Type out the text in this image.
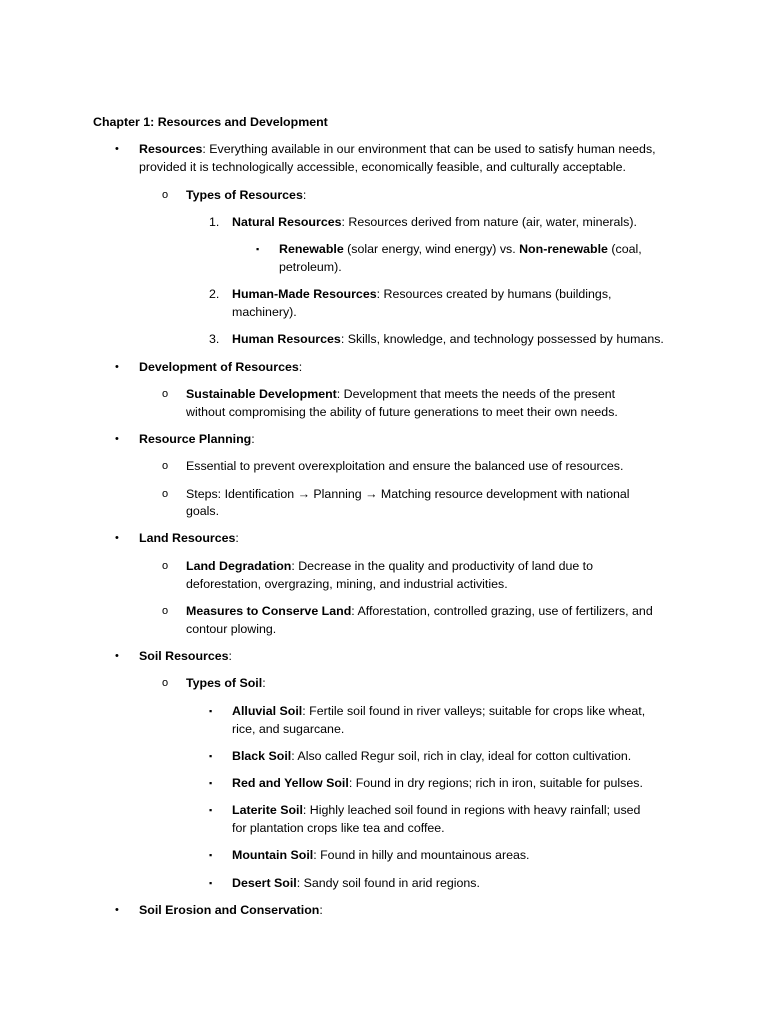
Chapter 1: Resources and Development
• Resources: Everything available in our environment that can be used to satisfy human needs,
provided it is technologically accessible, economically feasible, and culturally acceptable.
o Types of Resources:
1. Natural Resources: Resources derived from nature (air, water, minerals).
▪ Renewable (solar energy, wind energy) vs. Non-renewable (coal,
petroleum).
2. Human-Made Resources: Resources created by humans (buildings,
machinery).
3. Human Resources: Skills, knowledge, and technology possessed by humans.
• Development of Resources:
o Sustainable Development: Development that meets the needs of the present
without compromising the ability of future generations to meet their own needs.
• Resource Planning:
o Essential to prevent overexploitation and ensure the balanced use of resources.
o Steps: Identification → Planning → Matching resource development with national
goals.
• Land Resources:
o Land Degradation: Decrease in the quality and productivity of land due to
deforestation, overgrazing, mining, and industrial activities.
o Measures to Conserve Land: Afforestation, controlled grazing, use of fertilizers, and
contour plowing.
• Soil Resources:
o Types of Soil:
▪ Alluvial Soil: Fertile soil found in river valleys; suitable for crops like wheat,
rice, and sugarcane.
▪ Black Soil: Also called Regur soil, rich in clay, ideal for cotton cultivation.
▪ Red and Yellow Soil: Found in dry regions; rich in iron, suitable for pulses.
▪ Laterite Soil: Highly leached soil found in regions with heavy rainfall; used
for plantation crops like tea and coffee.
▪ Mountain Soil: Found in hilly and mountainous areas.
▪ Desert Soil: Sandy soil found in arid regions.
• Soil Erosion and Conservation:
